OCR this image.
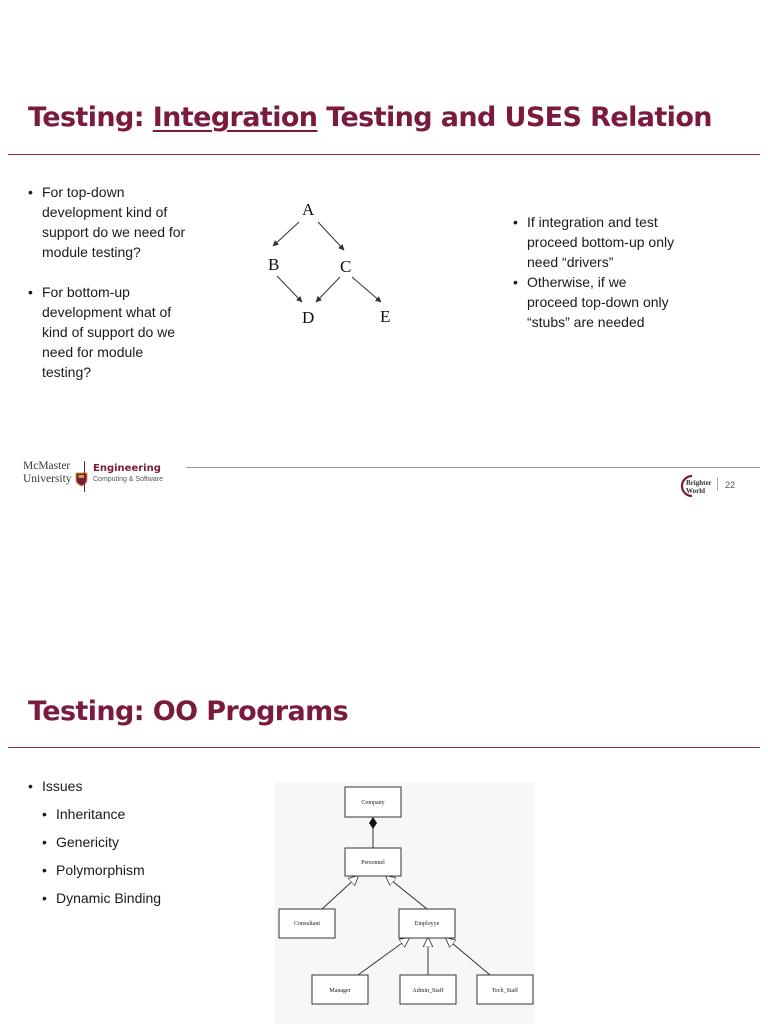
Testing: Integration Testing and USES Relation
• For top-down
development kind of
support do we need for
module testing?
• For bottom-up
development what of
kind of support do we
need for module
testing?
A
B	C
D	E
• If integration and test
proceed bottom-up only
need “drivers”
• Otherwise, if we
proceed top-down only
“stubs” are needed
McMaster
University
Engineering
Computing & Software	Brighter
World
22
Testing: OO Programs
• Issues
• Inheritance
• Genericity
• Polymorphism
• Dynamic Binding
Company
Personnel
Consultant	Employye
Manager	Admin_Staff	Tech_Staff
